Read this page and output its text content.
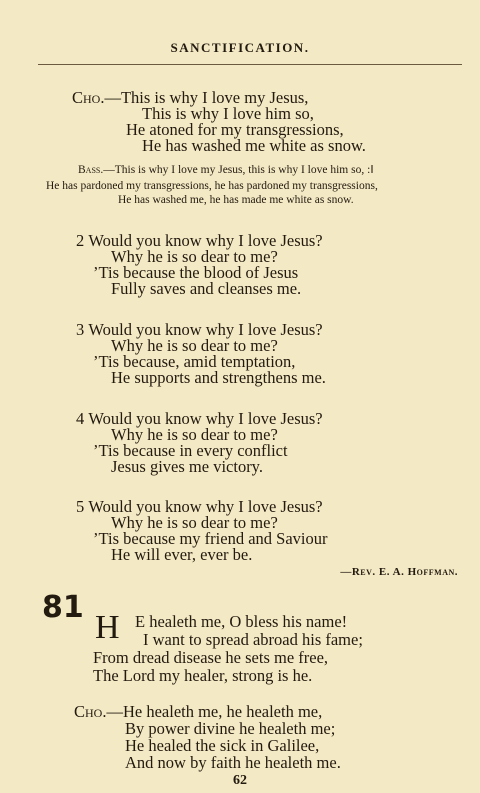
SANCTIFICATION.
Cho.—This is why I love my Jesus,
This is why I love him so,
He atoned for my transgressions,
He has washed me white as snow.
Bass.—This is why I love my Jesus, this is why I love him so, :‖
He has pardoned my transgressions, he has pardoned my transgressions,
He has washed me, he has made me white as snow.
2 Would you know why I love Jesus?
Why he is so dear to me?
’Tis because the blood of Jesus
Fully saves and cleanses me.
3 Would you know why I love Jesus?
Why he is so dear to me?
’Tis because, amid temptation,
He supports and strengthens me.
4 Would you know why I love Jesus?
Why he is so dear to me?
’Tis because in every conflict
Jesus gives me victory.
5 Would you know why I love Jesus?
Why he is so dear to me?
’Tis because my friend and Saviour
He will ever, ever be.
—Rev. E. A. Hoffman.
81
H E healeth me, O bless his name!
I want to spread abroad his fame;
From dread disease he sets me free,
The Lord my healer, strong is he.
Cho.—He healeth me, he healeth me,
By power divine he healeth me;
He healed the sick in Galilee,
And now by faith he healeth me.
62
